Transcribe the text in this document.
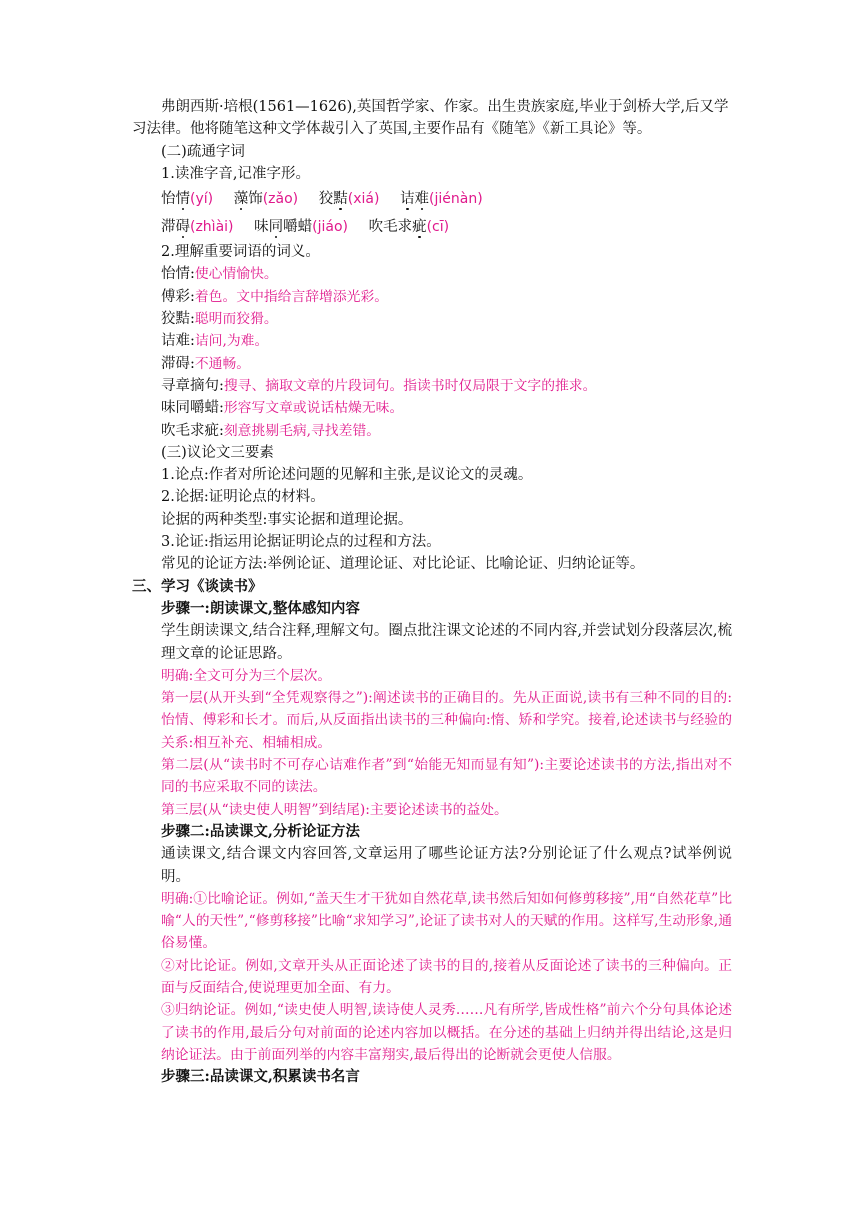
弗朗西斯·培根(1561—1626),英国哲学家、作家。出生贵族家庭,毕业于剑桥大学,后又学
习法律。他将随笔这种文学体裁引入了英国,主要作品有《随笔》《新工具论》等。
(二)疏通字词
1.读准字音,记准字形。
怡情(yí) 藻饰(zǎo) 狡黠(xiá) 诘难(jiénàn)
滞碍(zhìài) 味同嚼蜡(jiáo) 吹毛求疵(cī)
2.理解重要词语的词义。
怡情:使心情愉快。
傅彩:着色。文中指给言辞增添光彩。
狡黠:聪明而狡猾。
诘难:诘问,为难。
滞碍:不通畅。
寻章摘句:搜寻、摘取文章的片段词句。指读书时仅局限于文字的推求。
味同嚼蜡:形容写文章或说话枯燥无味。
吹毛求疵:刻意挑剔毛病,寻找差错。
(三)议论文三要素
1.论点:作者对所论述问题的见解和主张,是议论文的灵魂。
2.论据:证明论点的材料。
论据的两种类型:事实论据和道理论据。
3.论证:指运用论据证明论点的过程和方法。
常见的论证方法:举例论证、道理论证、对比论证、比喻论证、归纳论证等。
三、学习《谈读书》
步骤一:朗读课文,整体感知内容
学生朗读课文,结合注释,理解文句。圈点批注课文论述的不同内容,并尝试划分段落层次,梳理文章的论证思路。
明确:全文可分为三个层次。
第一层(从开头到“全凭观察得之”):阐述读书的正确目的。先从正面说,读书有三种不同的目的:怡情、傅彩和长才。而后,从反面指出读书的三种偏向:惰、矫和学究。接着,论述读书与经验的关系:相互补充、相辅相成。
第二层(从“读书时不可存心诘难作者”到“始能无知而显有知”):主要论述读书的方法,指出对不同的书应采取不同的读法。
第三层(从“读史使人明智”到结尾):主要论述读书的益处。
步骤二:品读课文,分析论证方法
通读课文,结合课文内容回答,文章运用了哪些论证方法?分别论证了什么观点?试举例说明。
明确:①比喻论证。例如,“盖天生才干犹如自然花草,读书然后知如何修剪移接”,用“自然花草”比喻“人的天性”,“修剪移接”比喻“求知学习”,论证了读书对人的天赋的作用。这样写,生动形象,通俗易懂。
②对比论证。例如,文章开头从正面论述了读书的目的,接着从反面论述了读书的三种偏向。正面与反面结合,使说理更加全面、有力。
③归纳论证。例如,“读史使人明智,读诗使人灵秀……凡有所学,皆成性格”前六个分句具体论述了读书的作用,最后分句对前面的论述内容加以概括。在分述的基础上归纳并得出结论,这是归纳论证法。由于前面列举的内容丰富翔实,最后得出的论断就会更使人信服。
步骤三:品读课文,积累读书名言
